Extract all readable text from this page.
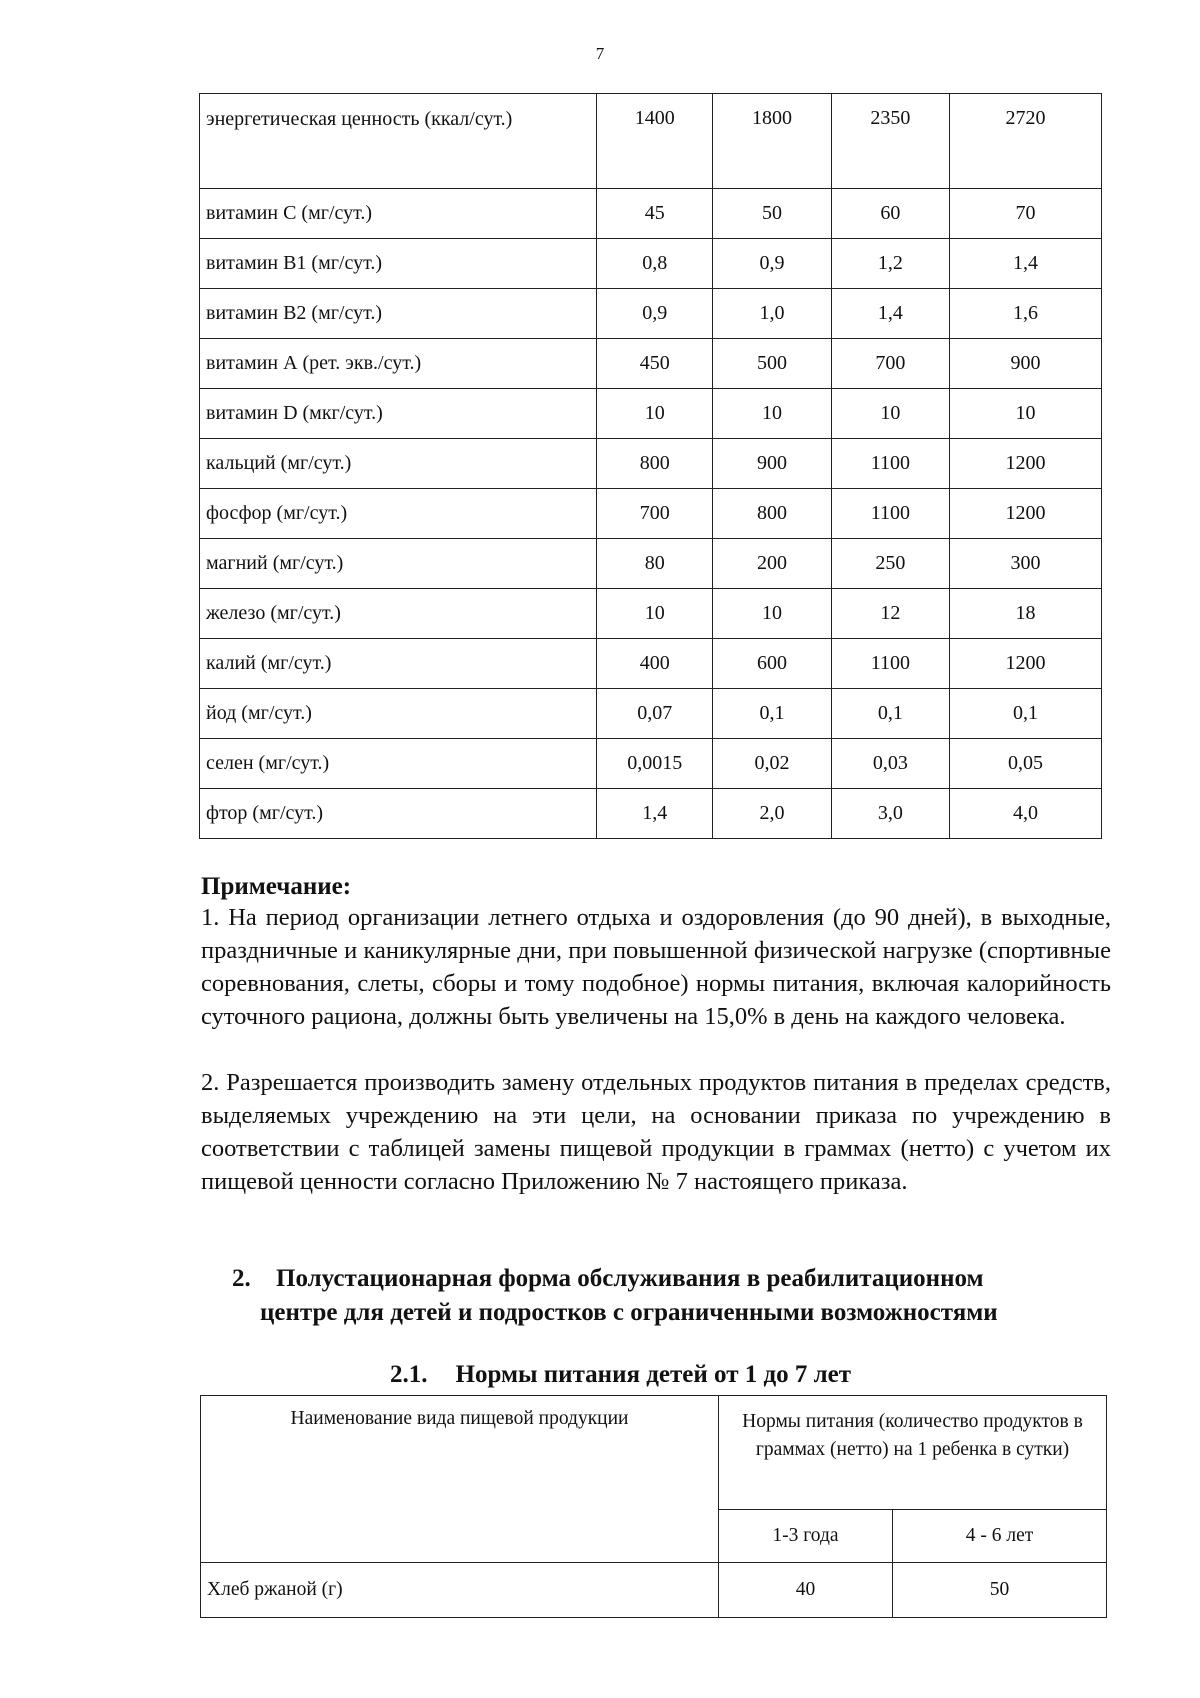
7
энергетическая ценность (ккал/сут.)	1400	1800	2350	2720
витамин С (мг/сут.)	45	50	60	70
витамин В1 (мг/сут.)	0,8	0,9	1,2	1,4
витамин В2 (мг/сут.)	0,9	1,0	1,4	1,6
витамин А (рет. экв./сут.)	450	500	700	900
витамин D (мкг/сут.)	10	10	10	10
кальций (мг/сут.)	800	900	1100	1200
фосфор (мг/сут.)	700	800	1100	1200
магний (мг/сут.)	80	200	250	300
железо (мг/сут.)	10	10	12	18
калий (мг/сут.)	400	600	1100	1200
йод (мг/сут.)	0,07	0,1	0,1	0,1
селен (мг/сут.)	0,0015	0,02	0,03	0,05
фтор (мг/сут.)	1,4	2,0	3,0	4,0
Примечание:
1. На период организации летнего отдыха и оздоровления (до 90 дней), в выходные, праздничные и каникулярные дни, при повышенной физической нагрузке (спортивные соревнования, слеты, сборы и тому подобное) нормы питания, включая калорийность суточного рациона, должны быть увеличены на 15,0% в день на каждого человека.
2. Разрешается производить замену отдельных продуктов питания в пределах средств, выделяемых учреждению на эти цели, на основании приказа по учреждению в соответствии с таблицей замены пищевой продукции в граммах (нетто) с учетом их пищевой ценности согласно Приложению № 7 настоящего приказа.
2. Полустационарная форма обслуживания в реабилитационном
центре для детей и подростков с ограниченными возможностями
2.1. Нормы питания детей от 1 до 7 лет
Наименование вида пищевой продукции	Нормы питания (количество продуктов в граммах (нетто) на 1 ребенка в сутки)	
	1-3 года	4 - 6 лет
Хлеб ржаной (г)	40	50
